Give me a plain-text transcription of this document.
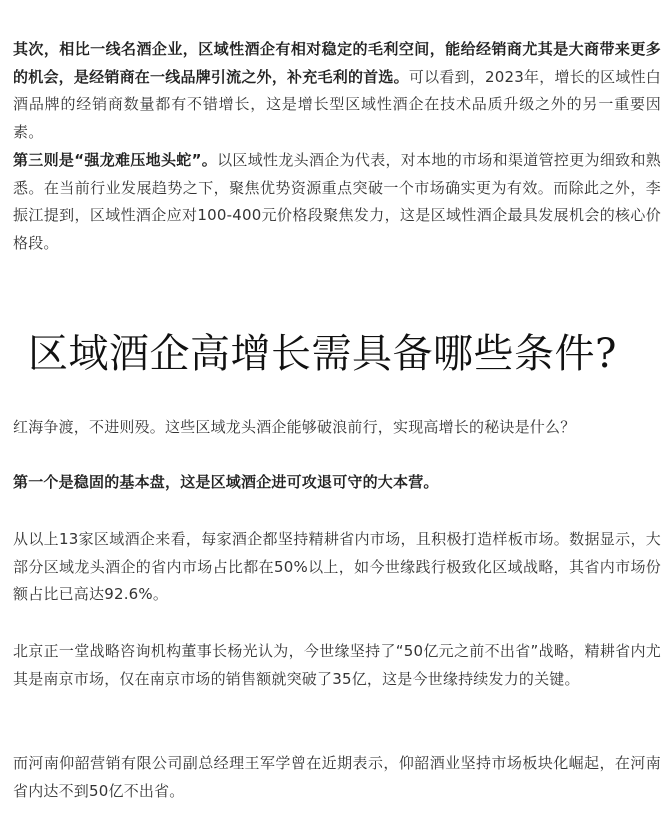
其次，相比一线名酒企业，区域性酒企有相对稳定的毛利空间，能给经销商尤其是大商带来更多的机会，是经销商在一线品牌引流之外，补充毛利的首选。可以看到，2023年，增长的区域性白酒品牌的经销商数量都有不错增长，这是增长型区域性酒企在技术品质升级之外的另一重要因素。

第三则是“强龙难压地头蛇”。以区域性龙头酒企为代表，对本地的市场和渠道管控更为细致和熟悉。在当前行业发展趋势之下，聚焦优势资源重点突破一个市场确实更为有效。而除此之外，李振江提到，区域性酒企应对100-400元价格段聚焦发力，这是区域性酒企最具发展机会的核心价格段。

区域酒企高增长需具备哪些条件?

红海争渡，不进则殁。这些区域龙头酒企能够破浪前行，实现高增长的秘诀是什么？

第一个是稳固的基本盘，这是区域酒企进可攻退可守的大本营。

从以上13家区域酒企来看，每家酒企都坚持精耕省内市场，且积极打造样板市场。数据显示，大部分区域龙头酒企的省内市场占比都在50%以上，如今世缘践行极致化区域战略，其省内市场份额占比已高达92.6%。

北京正一堂战略咨询机构董事长杨光认为，今世缘坚持了“50亿元之前不出省”战略，精耕省内尤其是南京市场，仅在南京市场的销售额就突破了35亿，这是今世缘持续发力的关键。

而河南仰韶营销有限公司副总经理王军学曾在近期表示，仰韶酒业坚持市场板块化崛起，在河南省内达不到50亿不出省。
